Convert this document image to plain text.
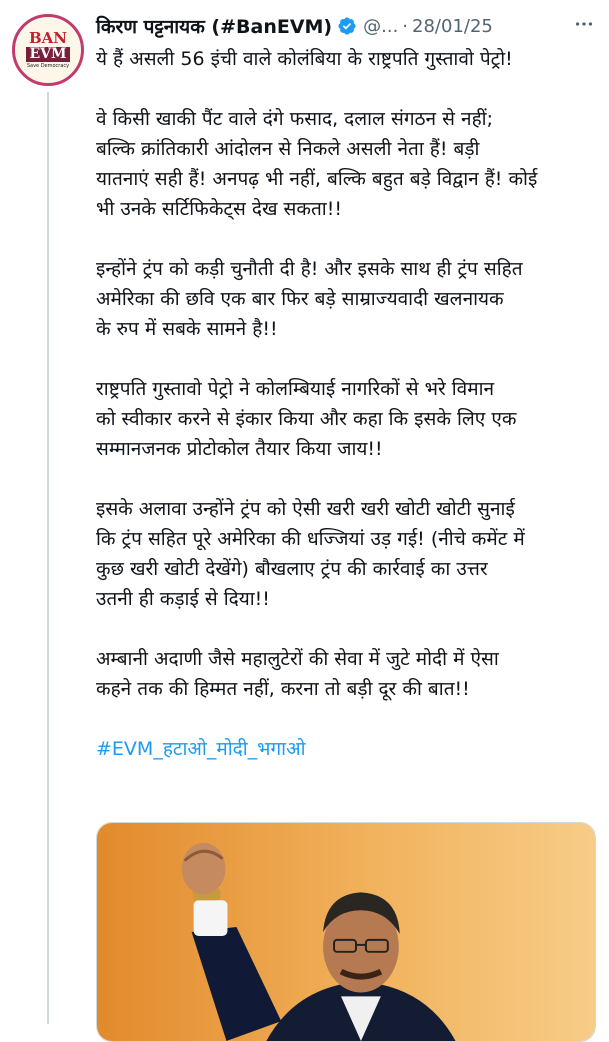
BAN
EVM
Save Democracy
किरण पट्टनायक (#BanEVM) @... · 28/01/25

ये हैं असली 56 इंची वाले कोलंबिया के राष्ट्रपति गुस्तावो पेट्रो!

वे किसी खाकी पैंट वाले दंगे फसाद, दलाल संगठन से नहीं;
बल्कि क्रांतिकारी आंदोलन से निकले असली नेता हैं! बड़ी
यातनाएं सही हैं! अनपढ़ भी नहीं, बल्कि बहुत बड़े विद्वान हैं! कोई
भी उनके सर्टिफिकेट्स देख सकता!!

इन्होंने ट्रंप को कड़ी चुनौती दी है! और इसके साथ ही ट्रंप सहित
अमेरिका की छवि एक बार फिर बड़े साम्राज्यवादी खलनायक
के रुप में सबके सामने है!!

राष्ट्रपति गुस्तावो पेट्रो ने कोलम्बियाई नागरिकों से भरे विमान
को स्वीकार करने से इंकार किया और कहा कि इसके लिए एक
सम्मानजनक प्रोटोकोल तैयार किया जाय!!

इसके अलावा उन्होंने ट्रंप को ऐसी खरी खरी खोटी खोटी सुनाई
कि ट्रंप सहित पूरे अमेरिका की धज्जियां उड़ गई! (नीचे कमेंट में
कुछ खरी खोटी देखेंगे) बौखलाए ट्रंप की कार्रवाई का उत्तर
उतनी ही कड़ाई से दिया!!

अम्बानी अदाणी जैसे महालुटेरों की सेवा में जुटे मोदी में ऐसा
कहने तक की हिम्मत नहीं, करना तो बड़ी दूर की बात!!

#EVM_हटाओ_मोदी_भगाओ
